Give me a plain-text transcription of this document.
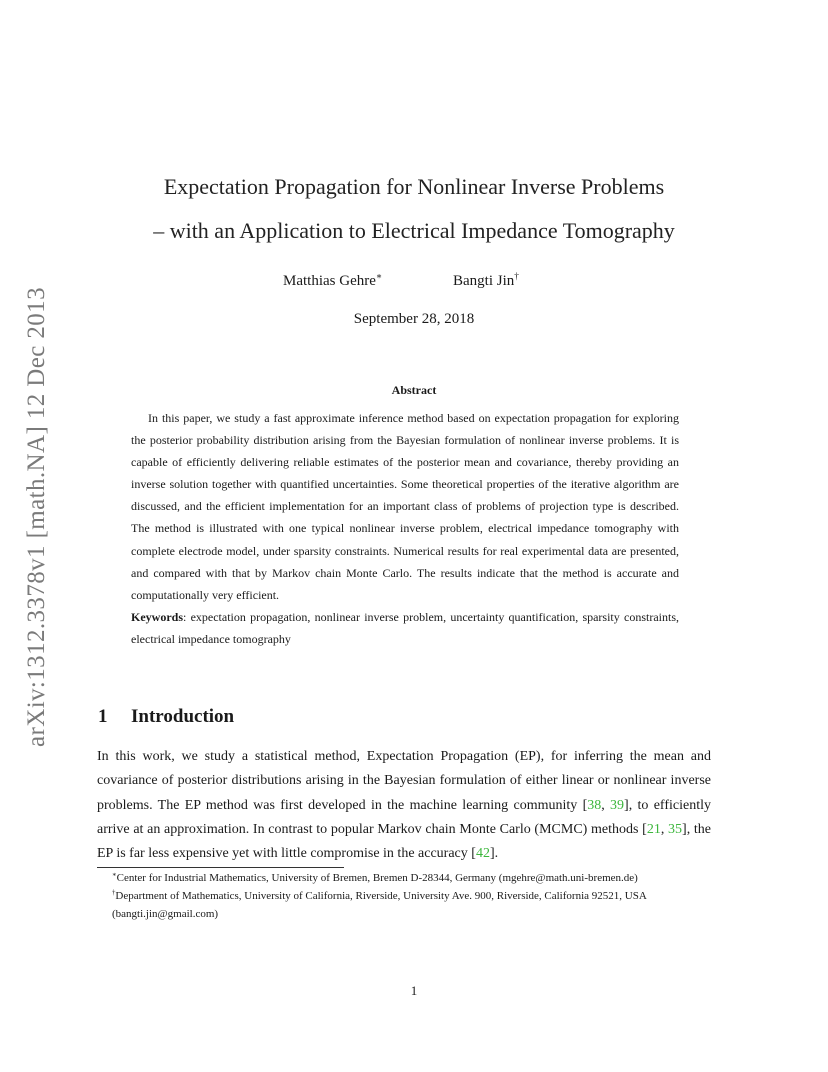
arXiv:1312.3378v1 [math.NA] 12 Dec 2013
Expectation Propagation for Nonlinear Inverse Problems
– with an Application to Electrical Impedance Tomography
Matthias Gehre∗	Bangti Jin†
September 28, 2018
Abstract
In this paper, we study a fast approximate inference method based on expectation propagation for exploring the posterior probability distribution arising from the Bayesian formulation of nonlinear inverse problems. It is capable of efficiently delivering reliable estimates of the posterior mean and covariance, thereby providing an inverse solution together with quantified uncertainties. Some theoretical properties of the iterative algorithm are discussed, and the efficient implementation for an important class of problems of projection type is described. The method is illustrated with one typical nonlinear inverse problem, electrical impedance tomography with complete electrode model, under sparsity constraints. Numerical results for real experimental data are presented, and compared with that by Markov chain Monte Carlo. The results indicate that the method is accurate and computationally very efficient.
Keywords: expectation propagation, nonlinear inverse problem, uncertainty quantification, sparsity constraints, electrical impedance tomography
1 Introduction
In this work, we study a statistical method, Expectation Propagation (EP), for inferring the mean and covariance of posterior distributions arising in the Bayesian formulation of either linear or nonlinear inverse problems. The EP method was first developed in the machine learning community [38, 39], to efficiently arrive at an approximation. In contrast to popular Markov chain Monte Carlo (MCMC) methods [21, 35], the EP is far less expensive yet with little compromise in the accuracy [42].
∗Center for Industrial Mathematics, University of Bremen, Bremen D-28344, Germany (mgehre@math.uni-bremen.de)
†Department of Mathematics, University of California, Riverside, University Ave. 900, Riverside, California 92521, USA (bangti.jin@gmail.com)
1
